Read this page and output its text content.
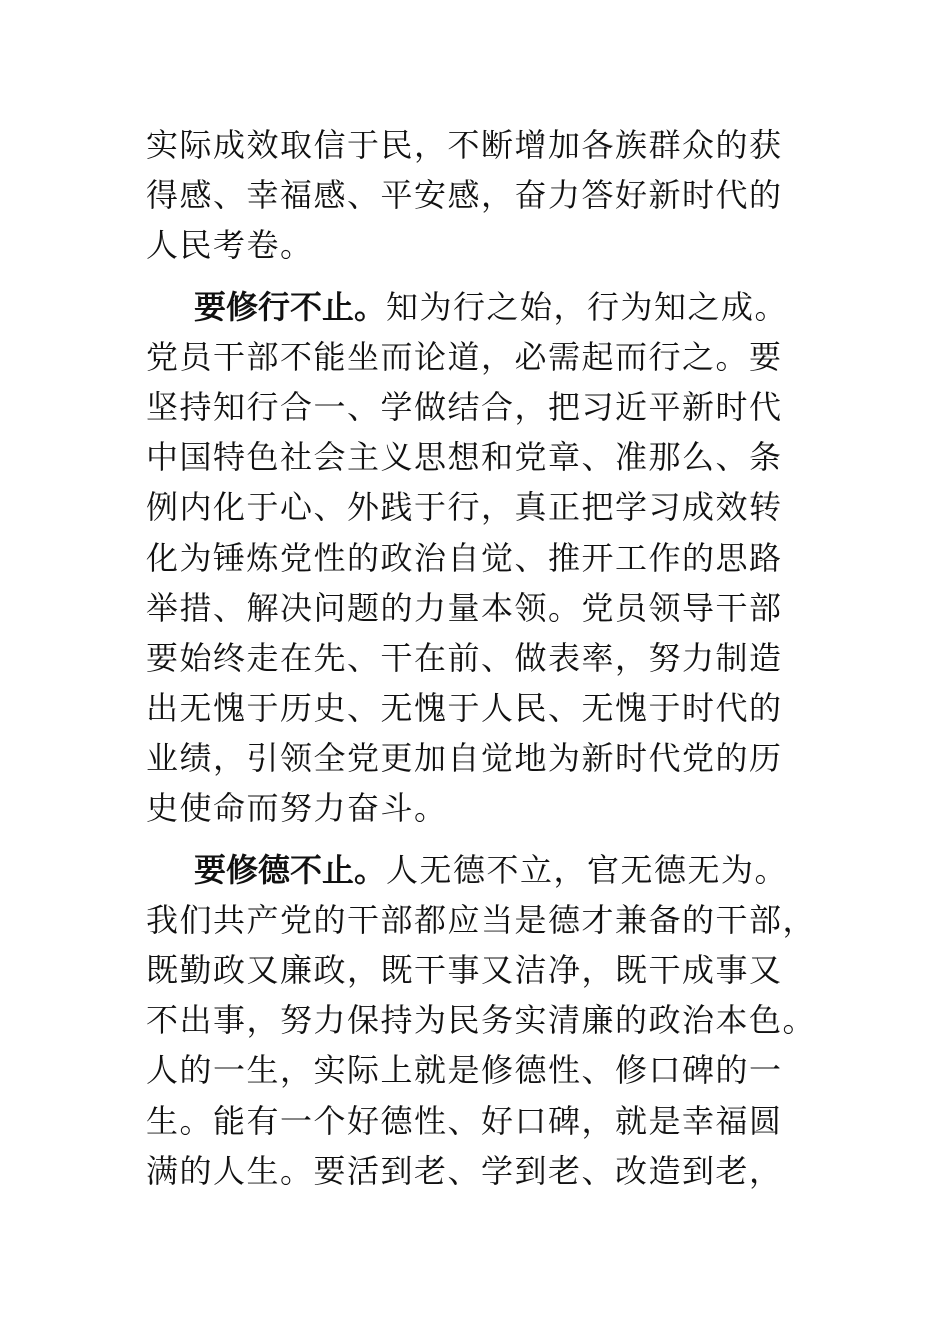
实际成效取信于民，不断增加各族群众的获
得感、幸福感、平安感，奋力答好新时代的
人民考卷。
要修行不止。知为行之始，行为知之成。
党员干部不能坐而论道，必需起而行之。要
坚持知行合一、学做结合，把习近平新时代
中国特色社会主义思想和党章、准那么、条
例内化于心、外践于行，真正把学习成效转
化为锤炼党性的政治自觉、推开工作的思路
举措、解决问题的力量本领。党员领导干部
要始终走在先、干在前、做表率，努力制造
出无愧于历史、无愧于人民、无愧于时代的
业绩，引领全党更加自觉地为新时代党的历
史使命而努力奋斗。
要修德不止。人无德不立，官无德无为。
我们共产党的干部都应当是德才兼备的干部，
既勤政又廉政，既干事又洁净，既干成事又
不出事，努力保持为民务实清廉的政治本色。
人的一生，实际上就是修德性、修口碑的一
生。能有一个好德性、好口碑，就是幸福圆
满的人生。要活到老、学到老、改造到老，
